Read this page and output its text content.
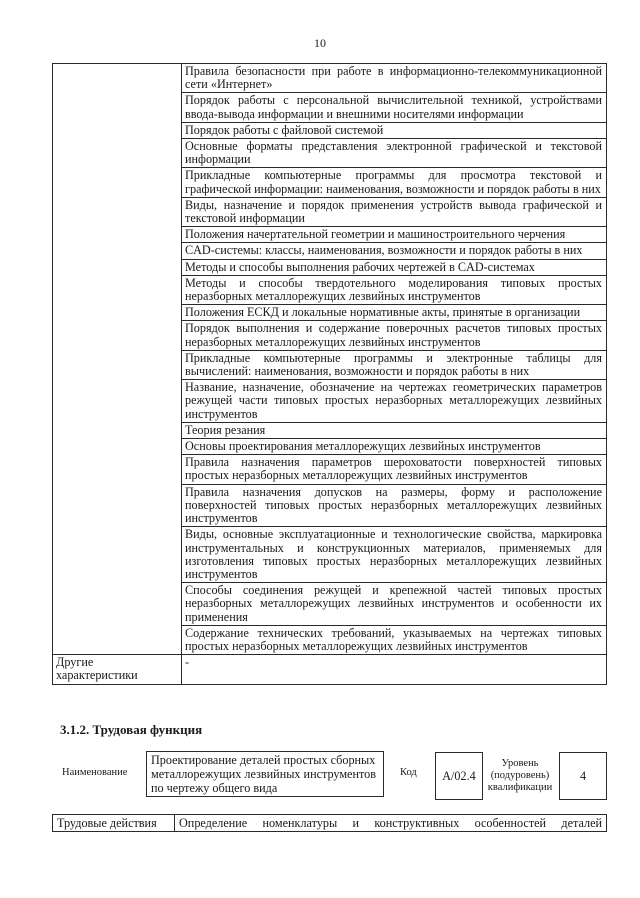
10
	Правила безопасности при работе в информационно-телекоммуникационной сети «Интернет»
	Порядок работы с персональной вычислительной техникой, устройствами ввода-вывода информации и внешними носителями информации
	Порядок работы с файловой системой
	Основные форматы представления электронной графической и текстовой информации
	Прикладные компьютерные программы для просмотра текстовой и графической информации: наименования, возможности и порядок работы в них
	Виды, назначение и порядок применения устройств вывода графической и текстовой информации
	Положения начертательной геометрии и машиностроительного черчения
	CAD-системы: классы, наименования, возможности и порядок работы в них
	Методы и способы выполнения рабочих чертежей в CAD-системах
	Методы и способы твердотельного моделирования типовых простых неразборных металлорежущих лезвийных инструментов
	Положения ЕСКД и локальные нормативные акты, принятые в организации
	Порядок выполнения и содержание поверочных расчетов типовых простых неразборных металлорежущих лезвийных инструментов
	Прикладные компьютерные программы и электронные таблицы для вычислений: наименования, возможности и порядок работы в них
	Название, назначение, обозначение на чертежах геометрических параметров режущей части типовых простых неразборных металлорежущих лезвийных инструментов
	Теория резания
	Основы проектирования металлорежущих лезвийных инструментов
	Правила назначения параметров шероховатости поверхностей типовых простых неразборных металлорежущих лезвийных инструментов
	Правила назначения допусков на размеры, форму и расположение поверхностей типовых простых неразборных металлорежущих лезвийных инструментов
	Виды, основные эксплуатационные и технологические свойства, маркировка инструментальных и конструкционных материалов, применяемых для изготовления типовых простых неразборных металлорежущих лезвийных инструментов
	Способы соединения режущей и крепежной частей типовых простых неразборных металлорежущих лезвийных инструментов и особенности их применения
	Содержание технических требований, указываемых на чертежах типовых простых неразборных металлорежущих лезвийных инструментов
Другие характеристики	-
3.1.2. Трудовая функция
Наименование
Проектирование деталей простых сборных металлорежущих лезвийных инструментов по чертежу общего вида
Код	A/02.4
Уровень (подуровень) квалификации
4
Трудовые действия	Определение номенклатуры и конструктивных особенностей деталей
